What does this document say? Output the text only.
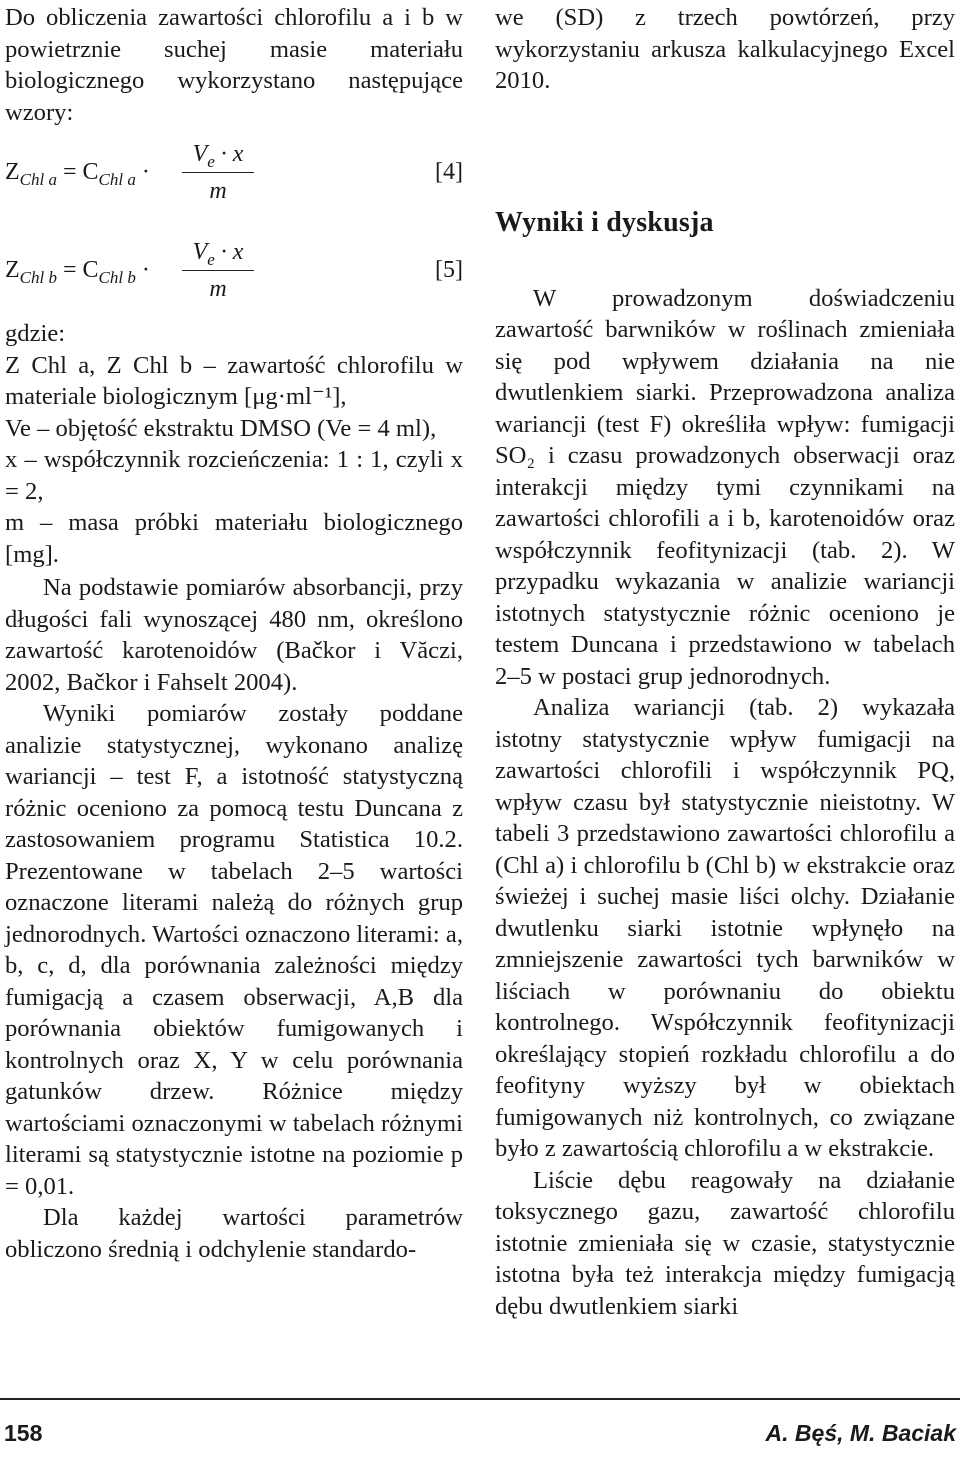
Do obliczenia zawartości chlorofilu a i b w powietrznie suchej masie materiału biologicznego wykorzystano następujące wzory:

$Z_{Chl a} = C_{Chl a}$ ·
$V_e \cdot x$
m
[4]
$Z_{Chl b} = C_{Chl b}$ ·
$V_e \cdot x$
m
[5]
gdzie:
Z Chl a, Z Chl b – zawartość chlorofilu w materiale biologicznym [μg·ml⁻¹],
Ve – objętość ekstraktu DMSO (Ve = 4 ml),
x – współczynnik rozcieńczenia: 1 : 1, czyli x = 2,
m – masa próbki materiału biologicznego [mg].

Na podstawie pomiarów absorbancji, przy długości fali wynoszącej 480 nm, określono zawartość karotenoidów (Bačkor i Văczi, 2002, Bačkor i Fahselt 2004).

Wyniki pomiarów zostały poddane analizie statystycznej, wykonano analizę wariancji – test F, a istotność statystyczną różnic oceniono za pomocą testu Duncana z zastosowaniem programu Statistica 10.2. Prezentowane w tabelach 2–5 wartości oznaczone literami należą do różnych grup jednorodnych. Wartości oznaczono literami: a, b, c, d, dla porównania zależności między fumigacją a czasem obserwacji, A,B dla porównania obiektów fumigowanych i kontrolnych oraz X, Y w celu porównania gatunków drzew. Różnice między wartościami oznaczonymi w tabelach różnymi literami są statystycznie istotne na poziomie p = 0,01.

Dla każdej wartości parametrów obliczono średnią i odchylenie standardo-

we (SD) z trzech powtórzeń, przy wykorzystaniu arkusza kalkulacyjnego Excel 2010.

Wyniki i dyskusja

W prowadzonym doświadczeniu zawartość barwników w roślinach zmieniała się pod wpływem działania na nie dwutlenkiem siarki. Przeprowadzona analiza wariancji (test F) określiła wpływ: fumigacji SO₂ i czasu prowadzonych obserwacji oraz interakcji między tymi czynnikami na zawartości chlorofili a i b, karotenoidów oraz współczynnik feofitynizacji (tab. 2). W przypadku wykazania w analizie wariancji istotnych statystycznie różnic oceniono je testem Duncana i przedstawiono w tabelach 2–5 w postaci grup jednorodnych.

Analiza wariancji (tab. 2) wykazała istotny statystycznie wpływ fumigacji na zawartości chlorofili i współczynnik PQ, wpływ czasu był statystycznie nieistotny. W tabeli 3 przedstawiono zawartości chlorofilu a (Chl a) i chlorofilu b (Chl b) w ekstrakcie oraz świeżej i suchej masie liści olchy. Działanie dwutlenku siarki istotnie wpłynęło na zmniejszenie zawartości tych barwników w liściach w porównaniu do obiektu kontrolnego. Współczynnik feofitynizacji określający stopień rozkładu chlorofilu a do feofityny wyższy był w obiektach fumigowanych niż kontrolnych, co związane było z zawartością chlorofilu a w ekstrakcie.

Liście dębu reagowały na działanie toksycznego gazu, zawartość chlorofilu istotnie zmieniała się w czasie, statystycznie istotna była też interakcja między fumigacją dębu dwutlenkiem siarki

158	A. Bęś, M. Baciak
